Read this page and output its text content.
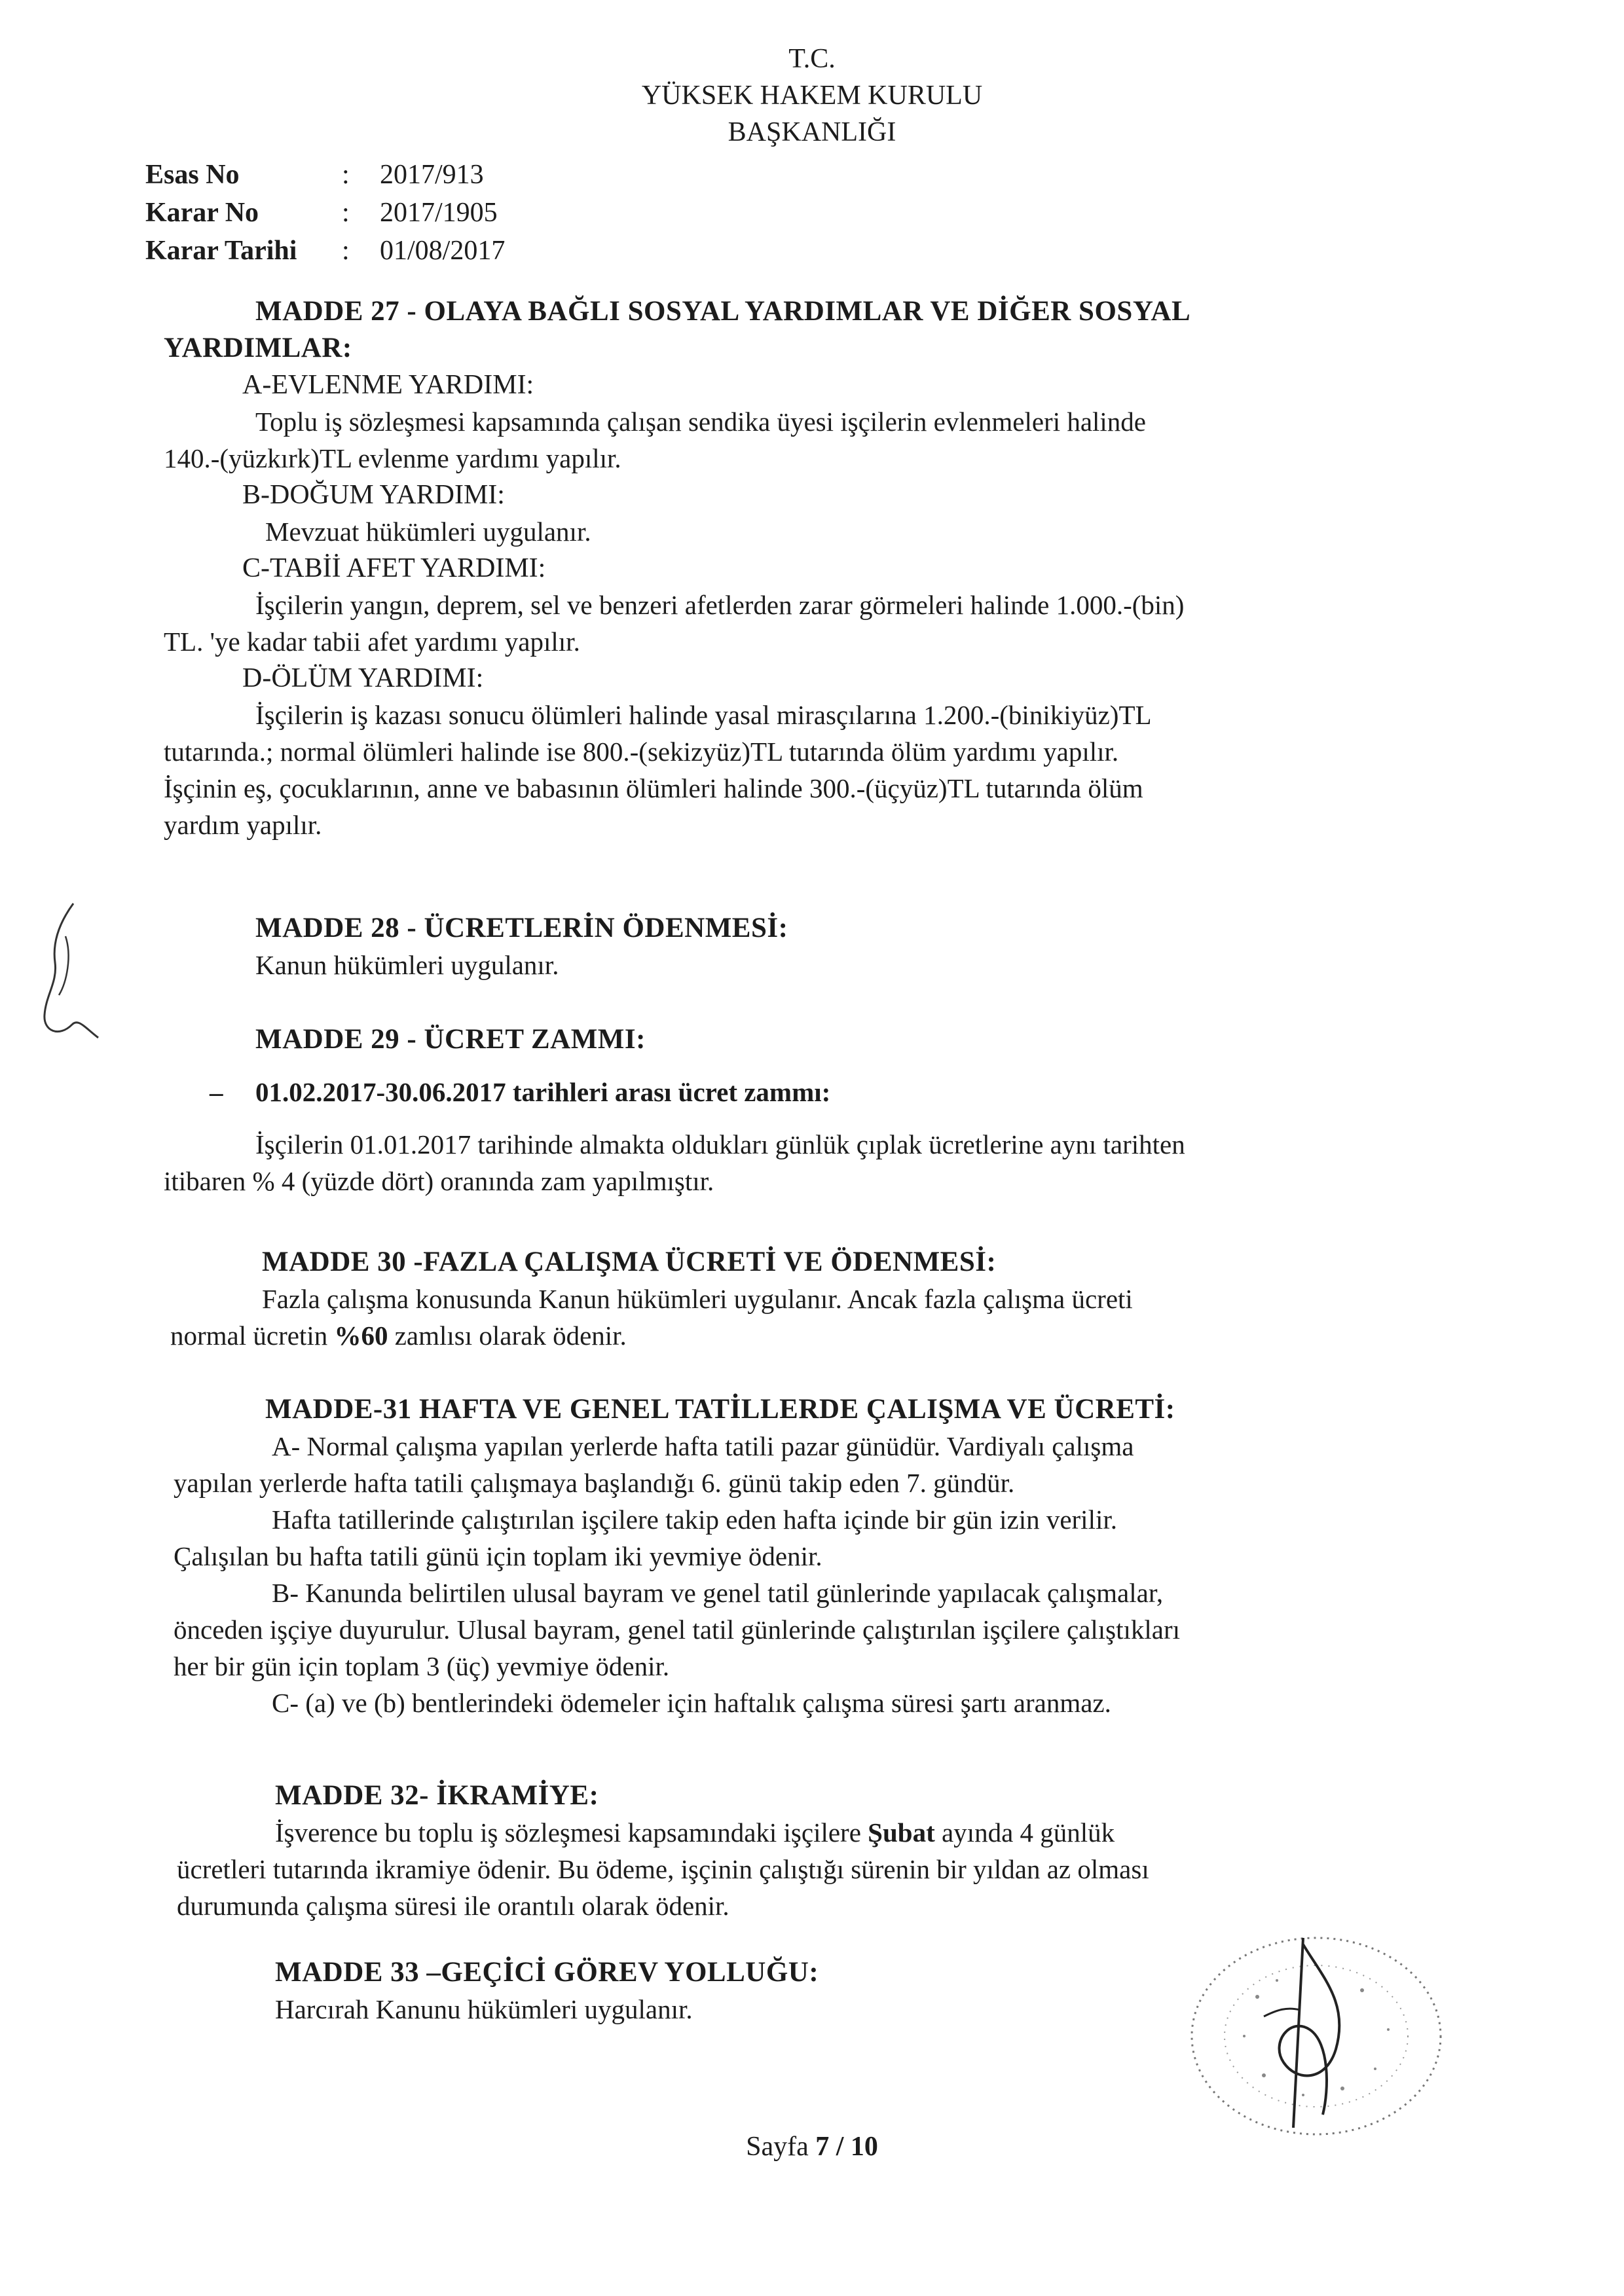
T.C.
YÜKSEK HAKEM KURULU
BAŞKANLIĞI
Esas No	:	2017/913
Karar No	:	2017/1905
Karar Tarihi	:	01/08/2017
MADDE 27 - OLAYA BAĞLI SOSYAL YARDIMLAR VE DİĞER SOSYAL
YARDIMLAR:
A-EVLENME YARDIMI:
Toplu iş sözleşmesi kapsamında çalışan sendika üyesi işçilerin evlenmeleri halinde
140.-(yüzkırk)TL evlenme yardımı yapılır.
B-DOĞUM YARDIMI:
Mevzuat hükümleri uygulanır.
C-TABİİ AFET YARDIMI:
İşçilerin yangın, deprem, sel ve benzeri afetlerden zarar görmeleri halinde 1.000.-(bin)
TL. 'ye kadar tabii afet yardımı yapılır.
D-ÖLÜM YARDIMI:
İşçilerin iş kazası sonucu ölümleri halinde yasal mirasçılarına 1.200.-(binikiyüz)TL
tutarında.; normal ölümleri halinde ise 800.-(sekizyüz)TL tutarında ölüm yardımı yapılır.
İşçinin eş, çocuklarının, anne ve babasının ölümleri halinde 300.-(üçyüz)TL tutarında ölüm
yardım yapılır.
MADDE 28 - ÜCRETLERİN ÖDENMESİ:
Kanun hükümleri uygulanır.
MADDE 29 - ÜCRET ZAMMI:
– 01.02.2017-30.06.2017 tarihleri arası ücret zammı:
İşçilerin 01.01.2017 tarihinde almakta oldukları günlük çıplak ücretlerine aynı tarihten
itibaren % 4 (yüzde dört) oranında zam yapılmıştır.
MADDE 30 -FAZLA ÇALIŞMA ÜCRETİ VE ÖDENMESİ:
Fazla çalışma konusunda Kanun hükümleri uygulanır. Ancak fazla çalışma ücreti
normal ücretin %60 zamlısı olarak ödenir.
MADDE-31 HAFTA VE GENEL TATİLLERDE ÇALIŞMA VE ÜCRETİ:
A- Normal çalışma yapılan yerlerde hafta tatili pazar günüdür. Vardiyalı çalışma
yapılan yerlerde hafta tatili çalışmaya başlandığı 6. günü takip eden 7. gündür.
Hafta tatillerinde çalıştırılan işçilere takip eden hafta içinde bir gün izin verilir.
Çalışılan bu hafta tatili günü için toplam iki yevmiye ödenir.
B- Kanunda belirtilen ulusal bayram ve genel tatil günlerinde yapılacak çalışmalar,
önceden işçiye duyurulur. Ulusal bayram, genel tatil günlerinde çalıştırılan işçilere çalıştıkları
her bir gün için toplam 3 (üç) yevmiye ödenir.
C- (a) ve (b) bentlerindeki ödemeler için haftalık çalışma süresi şartı aranmaz.
MADDE 32- İKRAMİYE:
İşverence bu toplu iş sözleşmesi kapsamındaki işçilere Şubat ayında 4 günlük
ücretleri tutarında ikramiye ödenir. Bu ödeme, işçinin çalıştığı sürenin bir yıldan az olması
durumunda çalışma süresi ile orantılı olarak ödenir.
MADDE 33 –GEÇİCİ GÖREV YOLLUĞU:
Harcırah Kanunu hükümleri uygulanır.
Sayfa 7 / 10
